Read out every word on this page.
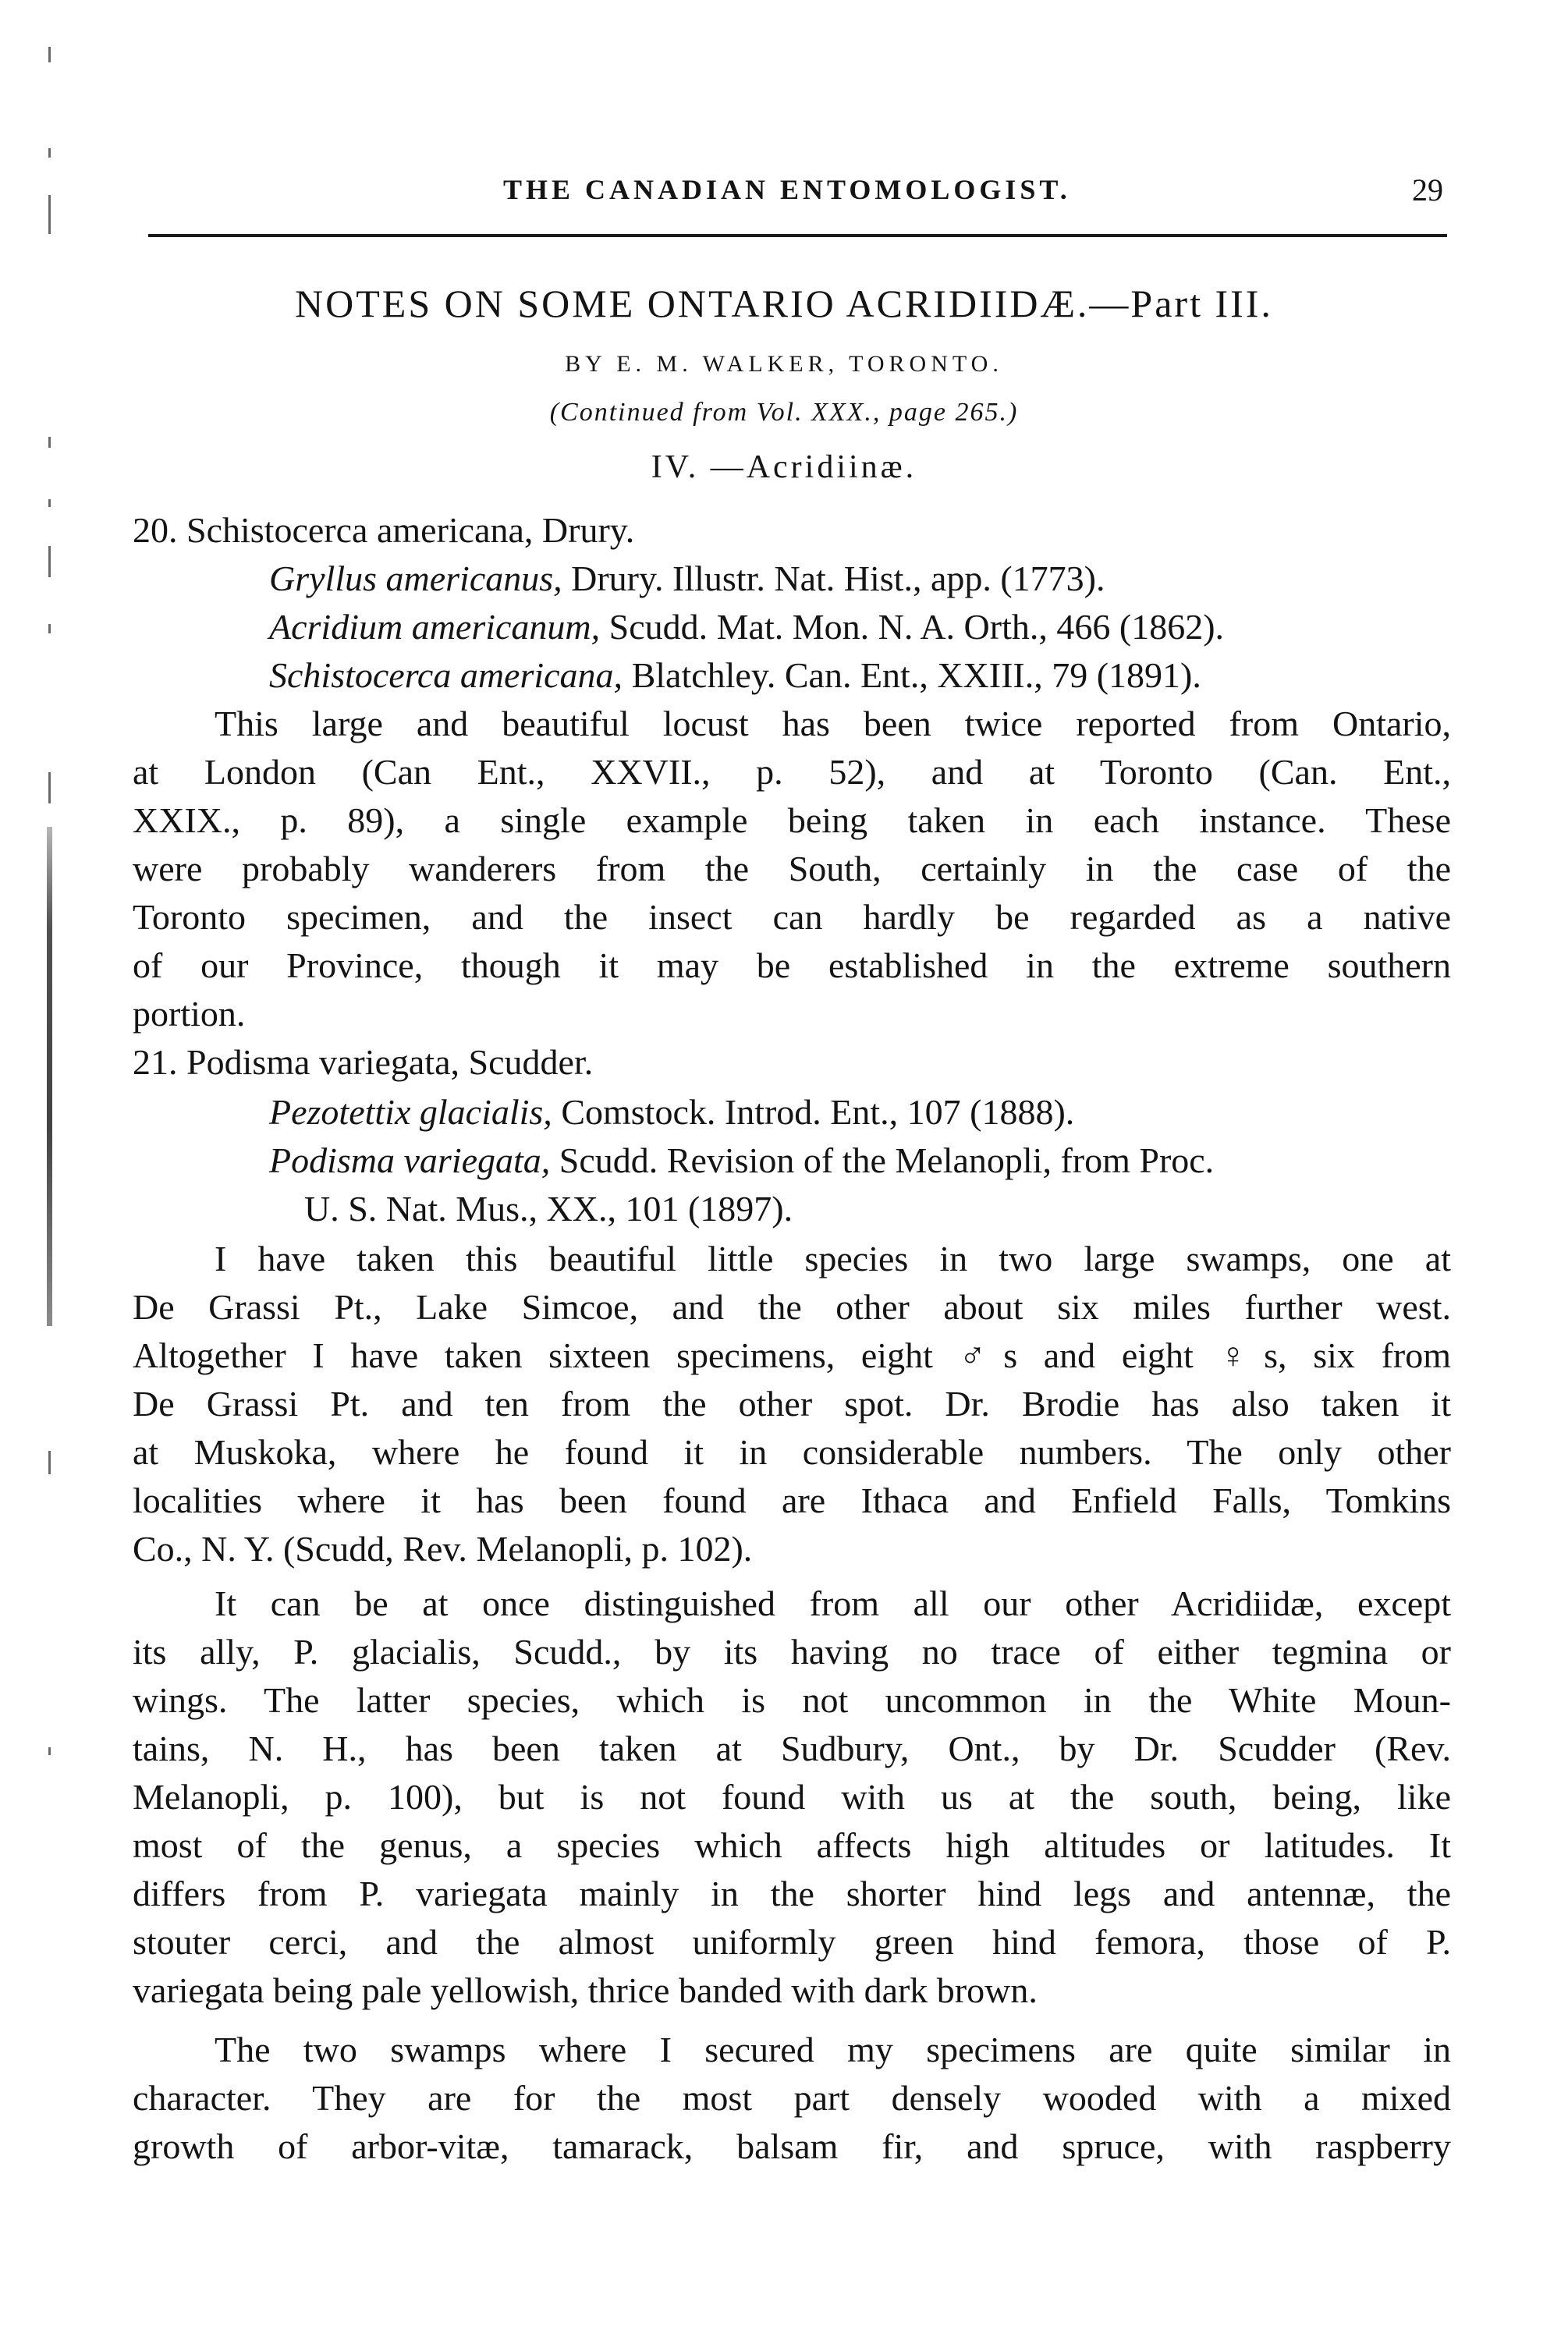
THE CANADIAN ENTOMOLOGIST.	29
NOTES ON SOME ONTARIO ACRIDIIDÆ.—Part III.
BY E. M. WALKER, TORONTO.
(Continued from Vol. XXX., page 265.)
IV. —Acridiinæ.
20. Schistocerca americana, Drury.
Gryllus americanus, Drury. Illustr. Nat. Hist., app. (1773).
Acridium americanum, Scudd. Mat. Mon. N. A. Orth., 466 (1862).
Schistocerca americana, Blatchley. Can. Ent., XXIII., 79 (1891).
This large and beautiful locust has been twice reported from Ontario,
at London (Can Ent., XXVII., p. 52), and at Toronto (Can. Ent.,
XXIX., p. 89), a single example being taken in each instance. These
were probably wanderers from the South, certainly in the case of the
Toronto specimen, and the insect can hardly be regarded as a native
of our Province, though it may be established in the extreme southern
portion.
21. Podisma variegata, Scudder.
Pezotettix glacialis, Comstock. Introd. Ent., 107 (1888).
Podisma variegata, Scudd. Revision of the Melanopli, from Proc.
U. S. Nat. Mus., XX., 101 (1897).
I have taken this beautiful little species in two large swamps, one at
De Grassi Pt., Lake Simcoe, and the other about six miles further west.
Altogether I have taken sixteen specimens, eight ♂s and eight ♀s, six from
De Grassi Pt. and ten from the other spot. Dr. Brodie has also taken it
at Muskoka, where he found it in considerable numbers. The only other
localities where it has been found are Ithaca and Enfield Falls, Tomkins
Co., N. Y. (Scudd, Rev. Melanopli, p. 102).
It can be at once distinguished from all our other Acridiidæ, except
its ally, P. glacialis, Scudd., by its having no trace of either tegmina or
wings. The latter species, which is not uncommon in the White Moun-
tains, N. H., has been taken at Sudbury, Ont., by Dr. Scudder (Rev.
Melanopli, p. 100), but is not found with us at the south, being, like
most of the genus, a species which affects high altitudes or latitudes. It
differs from P. variegata mainly in the shorter hind legs and antennæ, the
stouter cerci, and the almost uniformly green hind femora, those of P.
variegata being pale yellowish, thrice banded with dark brown.
The two swamps where I secured my specimens are quite similar in
character. They are for the most part densely wooded with a mixed
growth of arbor-vitæ, tamarack, balsam fir, and spruce, with raspberry
